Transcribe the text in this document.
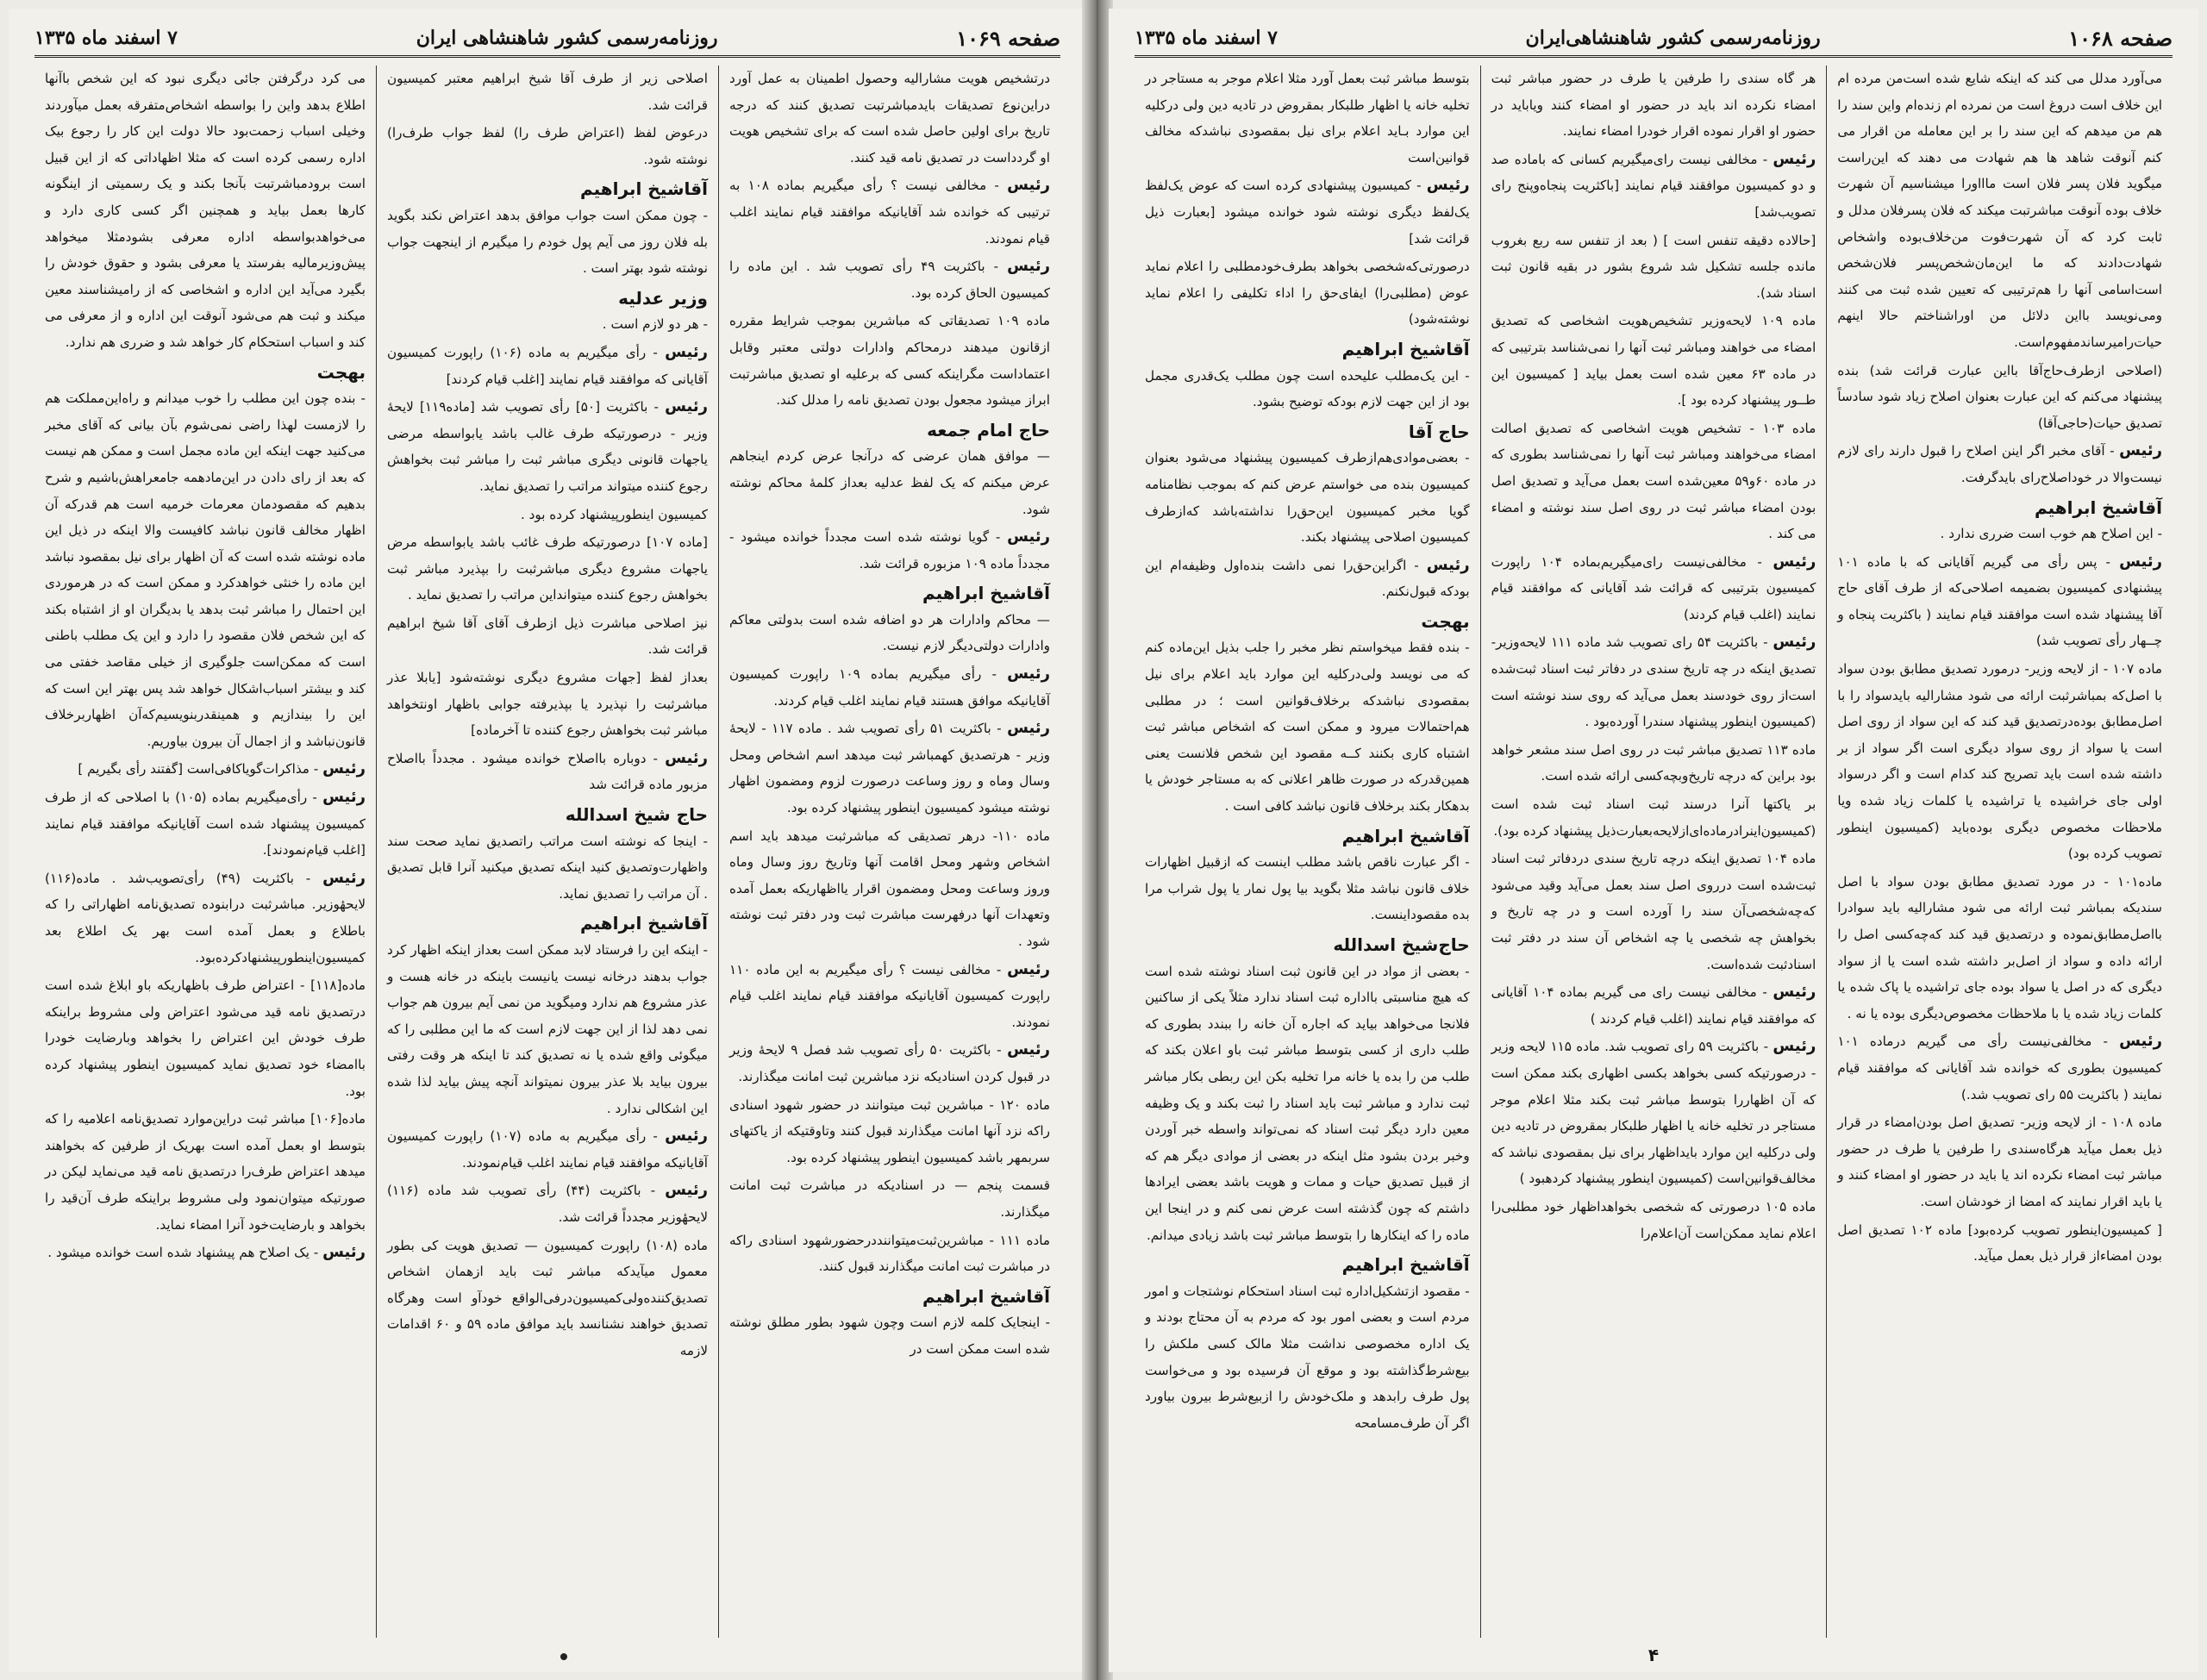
صفحه ۱۰۶۹
روزنامه‌رسمی کشور شاهنشاهی ایران
۷ اسفند ماه ۱۳۳۵

درتشخیص هویت مشارالیه وحصول اطمینان به عمل آورد دراین‌نوع تصدیقات بایدمباشرتبت تصدیق کنند که درجه تاریخ برای اولین حاصل شده است که برای تشخیص هویت او گردداست در تصدیق نامه قید کنند.

رئیس - مخالفی نیست ؟ رأی میگیریم بماده ۱۰۸ به ترتیبی که خوانده شد آقایانیکه موافقند قیام نمایند اغلب قیام نمودند.

رئیس - باکثریت ۴۹ رأی تصویب شد . این ماده را کمیسیون الحاق کرده بود.

ماده ۱۰۹ تصدیقاتی که مباشرین بموجب شرایط مقرره ازقانون میدهند درمحاکم وادارات دولتی معتبر وقابل اعتماداست مگراینکه کسی که برعلیه او تصدیق مباشرتبت ابراز میشود مجعول بودن تصدیق نامه را مدلل کند.

حاج امام جمعه

— موافق همان عرضی که درآنجا عرض کردم اینجاهم عرض میکنم که یک لفظ عدلیه بعداز کلمهٔ محاکم نوشته شود.

رئیس - گویا نوشته شده است مجدداً خوانده میشود - مجدداً ماده ۱۰۹ مزبوره قرائت شد.

آقاشیخ ابراهیم

— محاکم وادارات هر دو اضافه شده است بدولتی معاکم وادارات دولتی‌دیگر لازم نیست.

رئیس - رأی میگیریم بماده ۱۰۹ راپورت کمیسیون آقایانیکه موافق هستند قیام نمایند اغلب قیام کردند.

رئیس - باکثریت ۵۱ رأی تصویب شد . ماده ۱۱۷ - لایحهٔ وزیر - هرتصدیق کهمباشر ثبت میدهد اسم اشخاص ومحل وسال وماه و روز وساعت درصورت لزوم ومضمون اظهار نوشته میشود کمیسیون اینطور پیشنهاد کرده بود.

ماده ۱۱۰- درهر تصدیقی که مباشرثبت میدهد باید اسم اشخاص وشهر ومحل اقامت آنها وتاریخ روز وسال وماه وروز وساعت ومحل ومضمون اقرار یااظهاریکه بعمل آمده وتعهدات آنها درفهرست مباشرت ثبت ودر دفتر ثبت نوشته شود .

رئیس - مخالفی نیست ؟ رأی میگیریم به این ماده ۱۱۰ راپورت کمیسیون آقایانیکه موافقند قیام نمایند اغلب قیام نمودند.

رئیس - باکثریت ۵۰ رأی تصویب شد فصل ۹ لایحهٔ وزیر در قبول کردن اسنادیکه نزد مباشرین ثبت امانت میگذارند.

ماده ۱۲۰ - مباشرین ثبت میتوانند در حضور شهود اسنادی راکه نزد آنها امانت میگذارند قبول کنند وتاوقتیکه از یاکتهای سربمهر باشد کمیسیون اینطور پیشنهاد کرده بود.

قسمت پنجم — در اسنادیکه در مباشرت ثبت امانت میگذارند.

ماده ۱۱۱ - مباشرین‌ثبت‌میتوانند‌درحضورشهود اسنادی راکه در مباشرت ثبت امانت میگذارند قبول کنند.

آقاشیخ ابراهیم

- اینجایک کلمه لازم است وچون شهود بطور مطلق نوشته شده است ممکن است در

اصلاحی زیر از طرف آقا شیخ ابراهیم معتبر کمیسیون قرائت شد.

درعوض لفظ (اعتراض طرف را) لفظ جواب طرف‌را) نوشته شود.

آقاشیخ ابراهیم

- چون ممکن است جواب موافق بدهد اعتراض نکند بگوید بله فلان روز می آیم پول خودم را میگیرم از اینجهت جواب نوشته شود بهتر است .

وزیر عدلیه

- هر دو لازم است .

رئیس - رأی میگیریم به ماده (۱۰۶) راپورت کمیسیون آقایانی که موافقند قیام نمایند [اغلب قیام کردند]

رئیس - باکثریت [۵۰] رأی تصویب شد [ماده۱۱۹] لایحهٔ وزیر - درصورتیکه طرف غالب باشد یابواسطه مرضی یاجهات قانونی دیگری مباشر ثبت را مباشر ثبت بخواهش رجوع کننده میتواند مراتب را تصدیق نماید.

کمیسیون اینطورپیشنهاد کرده بود .

[ماده ۱۰۷] درصورتیکه طرف غائب باشد یابواسطه مرض یاجهات مشروع دیگری مباشرثبت را بپذیرد مباشر ثبت بخواهش رجوع کننده میتوانداین مراتب را تصدیق نماید .

نیز اصلاحی مباشرت ذیل ازطرف آقای آقا شیخ ابراهیم قرائت شد.

بعداز لفظ [جهات مشروع دیگری نوشته‌شود [یابلا عذر مباشرثبت را نپذیرد یا بپذیرفته جوابی باظهار اونتخواهد مباشر ثبت بخواهش رجوع کننده تا آخرماده]

رئیس - دوباره بااصلاح خوانده میشود . مجدداً بااصلاح مزبور ماده قرائت شد

حاج شیخ اسدالله

- اینجا که نوشته است مراتب راتصدیق نماید صحت سند واظهارت‌وتصدیق کنید اینکه تصدیق میکنید آنرا قابل تصدیق . آن مراتب را تصدیق نماید.

آقاشیخ ابراهیم

- اینکه این را فرستاد لابد ممکن است بعداز اینکه اظهار کرد جواب بدهند درخانه نیست یانیست باینکه در خانه هست و عذر مشروع هم ندارد ومیگوید من نمی آیم بیرون هم جواب نمی دهد لذا از این جهت لازم است که ما این مطلبی را که میگوئی واقع شده یا نه تصدیق کند تا اینکه هر وقت رفتی بیرون بیاید بلا عذر بیرون نمیتواند آنچه پیش بیاید لذا شده این اشکالی ندارد .

رئیس - رأی میگیریم به ماده (۱۰۷) راپورت کمیسیون آقایانیکه موافقند قیام نمایند اغلب قیام‌نمودند.

رئیس - باکثریت (۴۴) رأی تصویب شد ماده (۱۱۶) لایحهٔوزیر مجدداً قرائت شد.

ماده (۱۰۸) راپورت کمیسیون — تصدیق هویت کی بطور معمول میآیدکه مباشر ثبت باید ازهمان اشخاص تصدیق‌کننده‌ولی‌کمیسیون‌درفی‌الواقع خودآو است وهرگاه تصدیق خواهند نشنانسد باید موافق ماده ۵۹ و ۶۰ اقدامات لازمه

می کرد درگرفتن جائی دیگری نبود که این شخص باآنها اطلاع بدهد واین را بواسطه اشخاص‌متفرقه بعمل میآوردند وخیلی اسباب زحمت‌بود حالا دولت این کار را رجوع بیک اداره رسمی کرده است که مثلا اظهاداتی که از این قبیل است برودمباشرتبت بآنجا بکند و یک رسمیتی از اینگونه کارها بعمل بیاید و همچنین اگر کسی کاری دارد و می‌خواهدبواسطه اداره معرفی بشودمثلا میخواهد پیش‌وزیرمالیه بفرستد یا معرفی بشود و حقوق خودش را بگیرد می‌آید این اداره و اشخاصی که از رامیشناسند معین میکند و ثبت هم می‌شود آنوقت این اداره و از معرفی می کند و اسباب استحکام کار خواهد شد و ضرری هم ندارد.

بهجت

- بنده چون این مطلب را خوب میدانم و راه‌این‌مملکت هم را لازمست لهذا راضی نمی‌شوم بآن بیانی که آقای مخبر می‌کنید جهت اینکه این ماده مجمل است و ممکن هم نیست که بعد از رای دادن در این‌مادهمه جامعراهش‌باشیم و شرح بدهیم که مقصودمان معرمات خرمیه است هم قدرکه آن اظهار مخالف قانون نباشد کافیست والا اینکه در ذیل این ماده نوشته شده است که آن اظهار برای نیل بمقصود نباشد این ماده را خنثی خواهدکرد و ممکن است که در هرموردی این احتمال را مباشر ثبت بدهد یا بدیگران او از اشتباه بکند که این شخص فلان مقصود را دارد و این یک مطلب باطنی است که ممکن‌است جلوگیری از خیلی مقاصد خفتی می کند و بیشتر اسباب‌اشکال خواهد شد پس بهتر این است که این را بیندازیم و همینقدربنویسیم‌که‌آن اظهاربرخلاف قانون‌نباشد و از اجمال آن بیرون بیاوریم.

رئیس - مذاکرات‌گویاکافی‌است [گفتند رأی بگیریم ]

رئیس - رأی‌میگیریم بماده (۱۰۵) با اصلاحی که از طرف کمیسیون پیشنهاد شده است آقایانیکه موافقند قیام نمایند [اغلب قیام‌نمودند].

رئیس - باکثریت (۴۹) رأی‌تصویب‌شد . ماده(۱۱۶) لایحهٔوزیر. مباشرثبت درابنوده تصدیق‌نامه اظهاراتی را که باطلاع و بعمل آمده است بهر یک اطلاع بعد کمیسیون‌اینطور‌پیشنهادکرده‌بود.

ماده[۱۱۸] - اعتراض طرف باظهاریکه باو ابلاغ شده است درتصدیق نامه قید می‌شود اعتراض ولی مشروط براینکه طرف خودش این اعتراض را بخواهد وبارضایت خودرا باامضاء خود تصدیق نماید کمیسیون اینطور پیشنهاد کرده بود.

ماده[۱۰۶] مباشر ثبت دراین‌موارد تصدیق‌نامه اعلامیه را که بتوسط او بعمل آمده است بهریک از طرفین که بخواهند میدهد اعتراض طرف‌را درتصدیق نامه قید می‌نماید لیکن در صورتیکه میتوان‌نمود ولی مشروط براینکه طرف آن‌قید را بخواهد و بارضایت‌خود آنرا امضاء نماید.

رئیس - یک اصلاح هم پیشنهاد شده است خوانده میشود .

صفحه ۱۰۶۸
روزنامه‌رسمی کشور شاهنشاهی‌ایران
۷ اسفند ماه ۱۳۳۵

می‌آورد مدلل می کند که اینکه شایع شده است‌من مرده ام این خلاف است دروغ است من نمرده ام زنده‌ام واین سند را هم من میدهم که این سند را بر این معامله من اقرار می کنم آنوقت شاهد ها هم شهادت می دهند که این‌راست میگوید فلان پسر فلان است ماااورا میشناسیم آن شهرت خلاف بوده آنوقت مباشرتبت میکند که فلان پسرفلان مدلل و ثابت کرد که آن شهرت‌فوت من‌خلاف‌بوده واشخاص شهادت‌دادند که ما این‌مان‌شخص‌پسر فلان‌شخص است‌اسامی آنها را هم‌ترتیبی که تعیین شده ثبت می کنند ومی‌نویسد بااین دلائل من اوراشناختم حالا اینهم حیات‌را‌میرساند‌مفهوم‌است.

(اصلاحی ازطرف‌حاج‌آقا بااین عبارت قرائت شد) بنده پیشنهاد می‌کنم که این عبارت بعنوان اصلاح زیاد شود سادساً تصدیق حیات(حاجی‌آقا)

رئیس - آقای مخبر اگر اینن اصلاح را قبول دارند رای لازم نیست‌والا در خوداصلاح‌رای بایدگرفت.

آقاشیخ ابراهیم

- این اصلاح هم خوب است ضرری ندارد .

رئیس - پس رأی می گیریم آقایانی که با ماده ۱۰۱ پیشنهادی کمیسیون بضمیمه اصلاحی‌که از طرف آقای حاج آقا پیشنهاد شده است موافقند قیام نمایند ( باکثریت پنجاه و چــهار رأی تصویب شد)

ماده ۱۰۷ - از لایحه وزیر- درمورد تصدیق مطابق بودن سواد با اصل‌که بمباشرثبت ارائه می شود مشارالیه بایدسواد را با اصل‌مطابق بوده‌درتصدیق قید کند که این سواد از روی اصل است یا سواد از روی سواد دیگری است اگر سواد از بر داشته شده است باید تصریح کند کدام است و اگر درسواد اولی جای خراشیده یا تراشیده یا کلمات زیاد شده ویا ملاحظات مخصوص دیگری بوده‌باید (کمیسیون اینطور تصویب کرده بود)

ماده‌۱۰۱ - در مورد تصدیق مطابق بودن سواد با اصل سندیکه بمباشر ثبت ارائه می شود مشارالیه باید سوادرا بااصل‌مطابق‌نموده و درتصدیق قید کند که‌چه‌کسی اصل را ارائه داده و سواد از اصل‌بر داشته شده است یا از سواد دیگری که در اصل یا سواد بوده جای تراشیده یا پاک شده یا کلمات زیاد شده یا با ملاحظات مخصوص‌دیگری بوده یا نه .

رئیس - مخالفی‌نیست رأی می گیریم درماده ۱۰۱ کمیسیون بطوری که خوانده شد آقایانی که موافقند قیام نمایند ( باکثریت ۵۵ رای تصویب شد.)

ماده ۱۰۸ - از لایحه وزیر- تصدیق اصل بودن‌امضاء در قرار ذیل بعمل میآید هرگاه‌سندی را طرفین یا طرف در حضور مباشر ثبت امضاء نکرده اند یا باید در حضور او امضاء کنند و یا باید اقرار نمایند که امضا از خودشان است.

[ کمیسیون‌اینطور تصویب کرده‌بود] ماده ۱۰۲ تصدیق اصل بودن امضاءاز قرار ذیل بعمل میآید.

هر گاه سندی را طرفین یا طرف در حضور مباشر ثبت امضاء نکرده اند باید در حضور او امضاء کنند ویاباید در حضور او اقرار نموده اقرار خودرا امضاء نمایند.

رئیس - مخالفی نیست رای‌میگیریم کسانی که باماده صد و دو کمیسیون موافقند قیام نمایند [باکثریت ‌پنجاه‌وپنج‌ رای تصویب‌شد]

[حالاده دقیقه تنفس است ] ( بعد از تنفس سه ربع بغروب مانده جلسه تشکیل شد شروع بشور در بقیه قانون ثبت اسناد شد).

ماده ۱۰۹ لایحه‌وزیر تشخیص‌هویت اشخاصی که تصدیق امضاء می خواهند ومباشر ثبت آنها را نمی‌شناسد بترتیبی که در ماده ۶۳ معین شده است بعمل بیاید [ کمیسیون این طــور پیشنهاد کرده بود ].

ماده ۱۰۳ - تشخیص هویت اشخاصی که تصدیق اصالت امضاء می‌خواهند ومباشر ثبت آنها را نمی‌شناسد بطوری که در ماده ۶۰و۵۹ معین‌شده است بعمل می‌آید و تصدیق اصل بودن امضاء مباشر ثبت در روی اصل سند نوشته و امضاء می کند .

رئیس - مخالفی‌نیست رای‌میگیریم‌بماده ۱۰۴ راپورت کمیسیون بترتیبی که قرائت شد آقایانی که موافقند قیام نمایند (اغلب قیام کردند)

رئیس - باکثریت ۵۴ رای تصویب شد ماده ۱۱۱ لایحه‌وزیر- تصدیق اینکه در چه تاریخ سندی در دفاتر ثبت اسناد ثبت‌شده است‌از روی خودسند بعمل می‌آید که روی سند نوشته است (کمیسیون اینطور پیشنهاد سندرا آورده‌بود .

ماده ۱۱۳ تصدیق مباشر ثبت در روی اصل سند مشعر خواهد بود براین که درچه تاریخ‌وبچه‌کسی ارائه شده است.

بر یاکتها آنرا درسند ثبت اسناد ثبت شده است (کمیسیون‌اینرادرماده‌ای‌ازلایحه‌بعبارت‌ذیل پیشنهاد کرده بود).

ماده ۱۰۴ تصدیق اینکه درچه تاریخ سندی دردفاتر ثبت اسناد ثبت‌شده است درروی اصل سند بعمل می‌آید وقید می‌شود که‌چه‌شخصی‌آن سند را آورده است و در چه تاریخ و بخواهش چه شخصی یا چه اشخاص آن سند در دفتر ثبت اسنادثبت شده‌است.

رئیس - مخالفی نیست رای می گیریم بماده ۱۰۴ آقایانی که موافقند قیام نمایند (اغلب قیام کردند )

رئیس - باکثریت ۵۹ رای تصویب شد. ماده ۱۱۵ لایحه وزیر - درصورتیکه کسی بخواهد بکسی اظهاری بکند ممکن است که آن اظهاررا بتوسط مباشر ثبت بکند مثلا اعلام موجر مستاجر در تخلیه خانه یا اظهار طلبکار بمقروض در تادیه دین ولی درکلیه این موارد بایداظهار برای نیل بمقصودی نباشد که مخالف‌قوانین‌است (کمیسیون اینطور پیشنهاد کردهبود )

ماده ۱۰۵ درصورتی که شخصی بخواهداظهار خود مطلبی‌را اعلام نماید ممکن‌است آن‌اعلام‌را

بتوسط مباشر ثبت بعمل آورد مثلا اعلام موجر به مستاجر در تخلیه خانه یا اظهار طلبکار بمقروض در تادیه دین ولی درکلیه این موارد بـاید اعلام برای نیل بمقصودی نباشدکه مخالف قوانین‌است

رئیس - کمیسیون پیشنهادی کرده است که عوض یک‌لفظ یک‌لفظ دیگری نوشته شود خوانده میشود [بعبارت ذیل قرائت شد]

درصورتی‌که‌شخصی بخواهد بطرف‌خودمطلبی را اعلام نماید عوض (مطلبی‌را) ایفای‌حق را اداء تکلیفی را اعلام نماید نوشته‌شود)

آقاشیخ ابراهیم

- این یک‌مطلب علیحده است چون مطلب یک‌قدری مجمل بود از این جهت لازم بودکه توضیح بشود.

حاج آقا

- بعضی‌موادی‌هم‌ازطرف کمیسیون پیشنهاد می‌شود بعنوان کمیسیون بنده می خواستم عرض کنم که بموجب نظامنامه گویا مخبر کمیسیون این‌حق‌را نداشته‌باشد که‌ازطرف کمیسیون اصلاحی پیشنهاد بکند.

رئیس - اگراین‌حق‌را نمی داشت بنده‌اول وظیفه‌ام این بودکه قبول‌نکنم.

بهجت

- بنده فقط میخواستم نظر مخبر را جلب بذیل این‌ماده کنم که می نویسد ولی‌درکلیه این موارد باید اعلام برای نیل بمقصودی نباشدکه برخلاف‌قوانین است ؛ در مطلبی هم‌احتمالات میرود و ممکن است که اشخاص مباشر ثبت اشتباه کاری بکنند کــه مقصود این شخص فلانست یعنی همین‌قدرکه در صورت ظاهر اعلانی که به مستاجر خودش یا بدهکار بکند برخلاف قانون نباشد کافی است .

آقاشیخ ابراهیم

- اگر عبارت ناقص باشد مطلب اینست که ازقبیل اظهارات خلاف قانون نباشد مثلا بگوید بیا پول نمار یا پول شراب مرا بده مقصوداینست.

حاج‌شیخ اسدالله

- بعضی از مواد در این قانون ثبت اسناد نوشته شده است که هیچ مناسبتی بااداره ثبت اسناد ندارد مثلاً یکی از ساکنین فلانجا می‌خواهد بیاید که اجاره آن خانه را ببندد بطوری که طلب داری از کسی بتوسط مباشر ثبت باو اعلان بکند که طلب من را بده یا خانه مرا تخلیه بکن این ربطی بکار مباشر ثبت ندارد و مباشر ثبت باید اسناد را ثبت بکند و یک وظیفه معین دارد دیگر ثبت اسناد که نمی‌تواند واسطه خبر آوردن وخبر بردن بشود مثل اینکه در بعضی از موادی دیگر هم که از قبیل تصدیق حیات و ممات و هویت باشد بعضی ایرادها داشتم که چون گذشته است عرض نمی کنم و در اینجا این ماده را که اینکارها را بتوسط مباشر ثبت باشد زیادی میدانم.

آقاشیخ ابراهیم

- مقصود ازتشکیل‌اداره ثبت اسناد استحکام نوشتجات و امور مردم است و بعضی امور بود که مردم به آن محتاج بودند و یک اداره مخصوصی نداشت مثلا مالک کسی ملکش را بیع‌شرط‌گذاشته بود و موقع آن فرسیده بود و می‌خواست پول طرف رابدهد و ملک‌خودش را ازبیع‌شرط بیرون بیاورد اگر آن طرف‌مسامحه

۴
